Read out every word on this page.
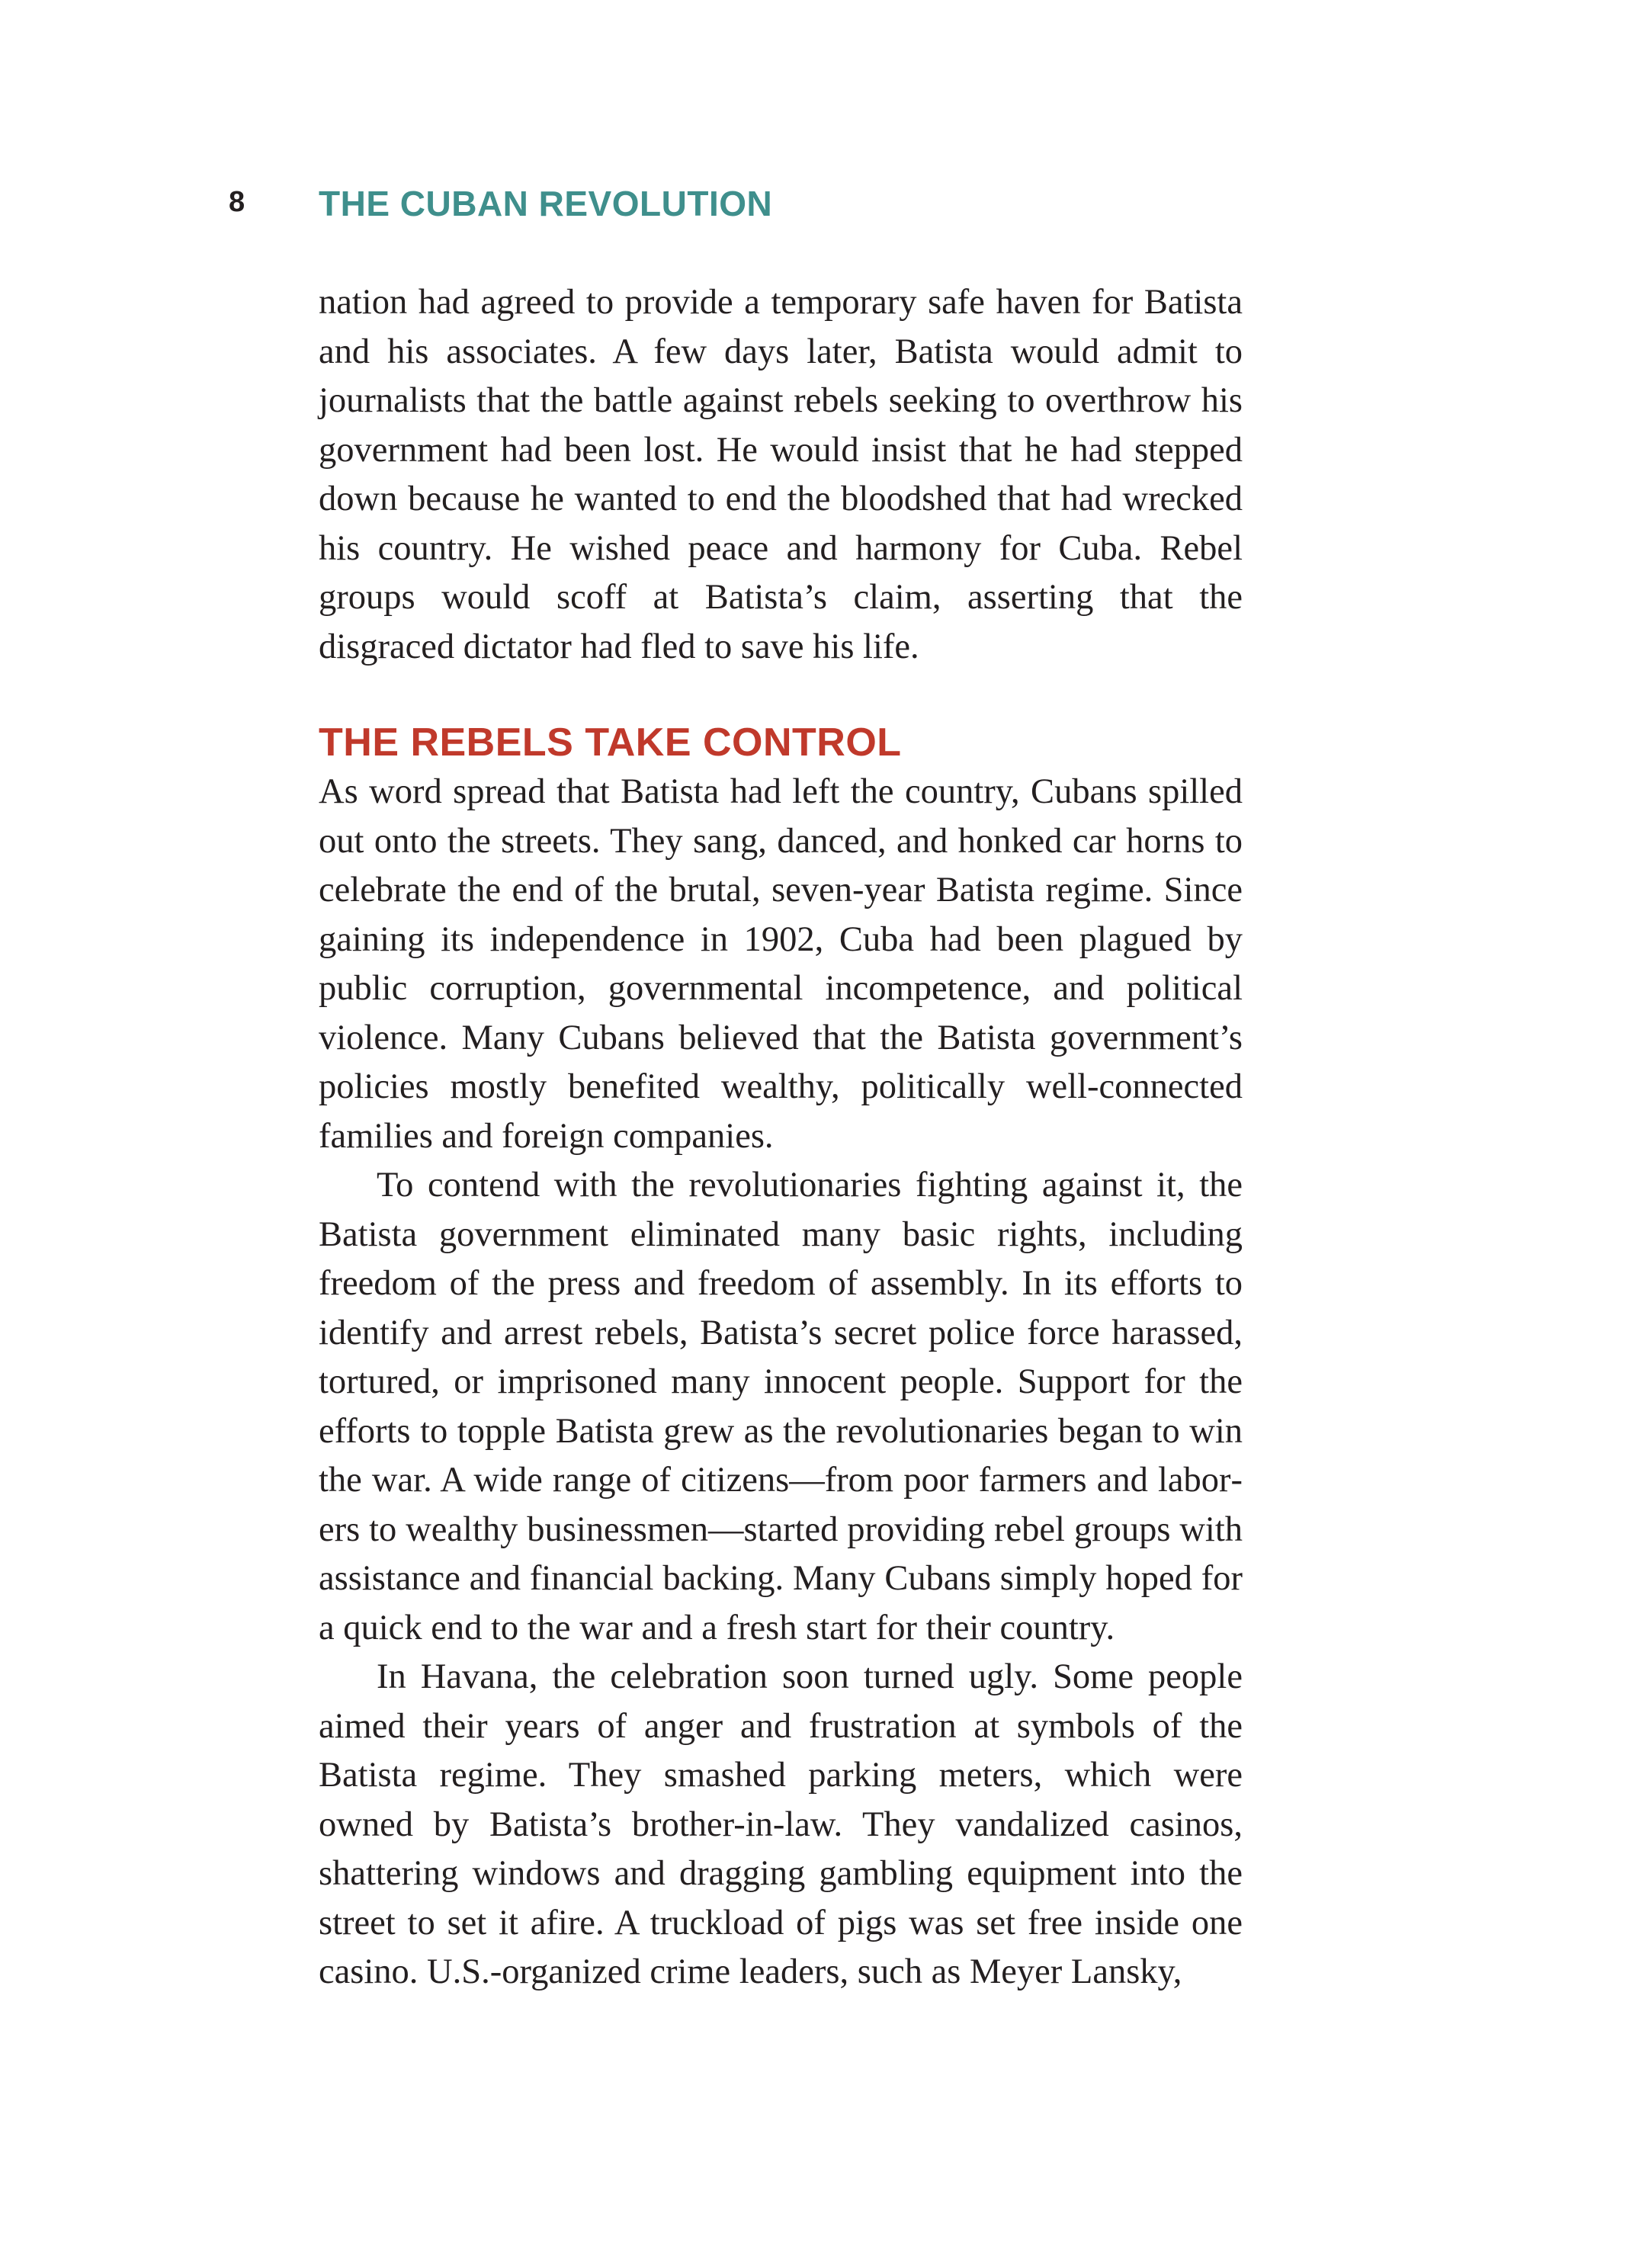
8 THE CUBAN REVOLUTION

nation had agreed to provide a temporary safe haven for Batista and his associates. A few days later, Batista would admit to journalists that the battle against rebels seeking to overthrow his government had been lost. He would insist that he had stepped down because he wanted to end the bloodshed that had wrecked his country. He wished peace and harmony for Cuba. Rebel groups would scoff at Batista’s claim, asserting that the disgraced dictator had fled to save his life.

THE REBELS TAKE CONTROL

As word spread that Batista had left the country, Cubans spilled out onto the streets. They sang, danced, and honked car horns to celebrate the end of the brutal, seven-year Batista regime. Since gaining its independence in 1902, Cuba had been plagued by public corruption, governmental incompetence, and political violence. Many Cubans believed that the Batista government’s policies mostly benefited wealthy, politically well-connected families and foreign companies.

To contend with the revolutionaries fighting against it, the Batista government eliminated many basic rights, including freedom of the press and freedom of assembly. In its efforts to identify and arrest rebels, Batista’s secret police force harassed, tortured, or imprisoned many innocent people. Support for the efforts to topple Batista grew as the revolutionaries began to win the war. A wide range of citizens—from poor farmers and laborers to wealthy businessmen—started providing rebel groups with assistance and financial backing. Many Cubans simply hoped for a quick end to the war and a fresh start for their country.

In Havana, the celebration soon turned ugly. Some people aimed their years of anger and frustration at symbols of the Batista regime. They smashed parking meters, which were owned by Batista’s brother-in-law. They vandalized casinos, shattering windows and dragging gambling equipment into the street to set it afire. A truckload of pigs was set free inside one casino. U.S.-organized crime leaders, such as Meyer Lansky,
